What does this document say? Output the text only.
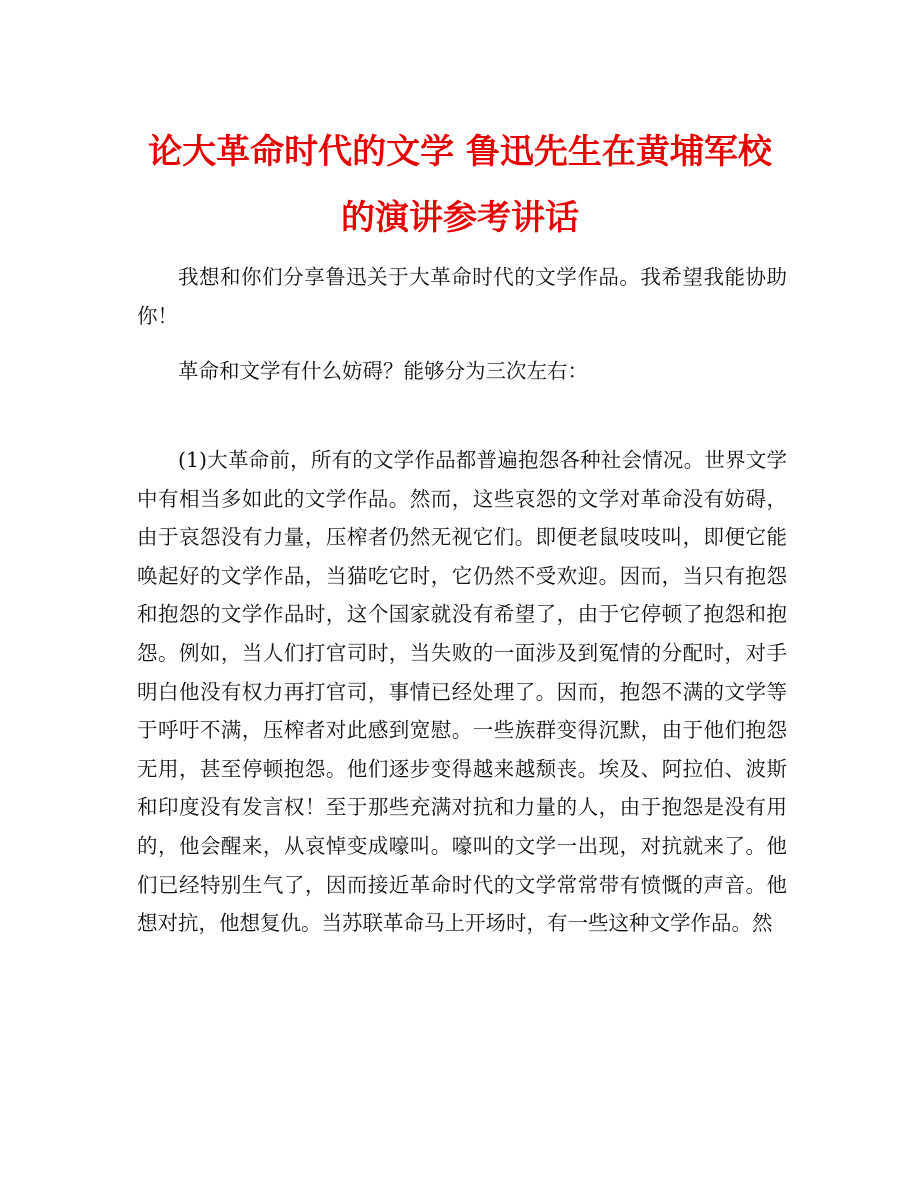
论大革命时代的文学 鲁迅先生在黄埔军校
的演讲参考讲话

我想和你们分享鲁迅关于大革命时代的文学作品。我希望我能协助你！

革命和文学有什么妨碍？能够分为三次左右：

(1)大革命前，所有的文学作品都普遍抱怨各种社会情况。世界文学中有相当多如此的文学作品。然而，这些哀怨的文学对革命没有妨碍，由于哀怨没有力量，压榨者仍然无视它们。即便老鼠吱吱叫，即便它能唤起好的文学作品，当猫吃它时，它仍然不受欢迎。因而，当只有抱怨和抱怨的文学作品时，这个国家就没有希望了，由于它停顿了抱怨和抱怨。例如，当人们打官司时，当失败的一面涉及到冤情的分配时，对手明白他没有权力再打官司，事情已经处理了。因而，抱怨不满的文学等于呼吁不满，压榨者对此感到宽慰。一些族群变得沉默，由于他们抱怨无用，甚至停顿抱怨。他们逐步变得越来越颓丧。埃及、阿拉伯、波斯和印度没有发言权！至于那些充满对抗和力量的人，由于抱怨是没有用的，他会醒来，从哀悼变成嚎叫。嚎叫的文学一出现，对抗就来了。他们已经特别生气了，因而接近革命时代的文学常常带有愤慨的声音。他想对抗，他想复仇。当苏联革命马上开场时，有一些这种文学作品。然
